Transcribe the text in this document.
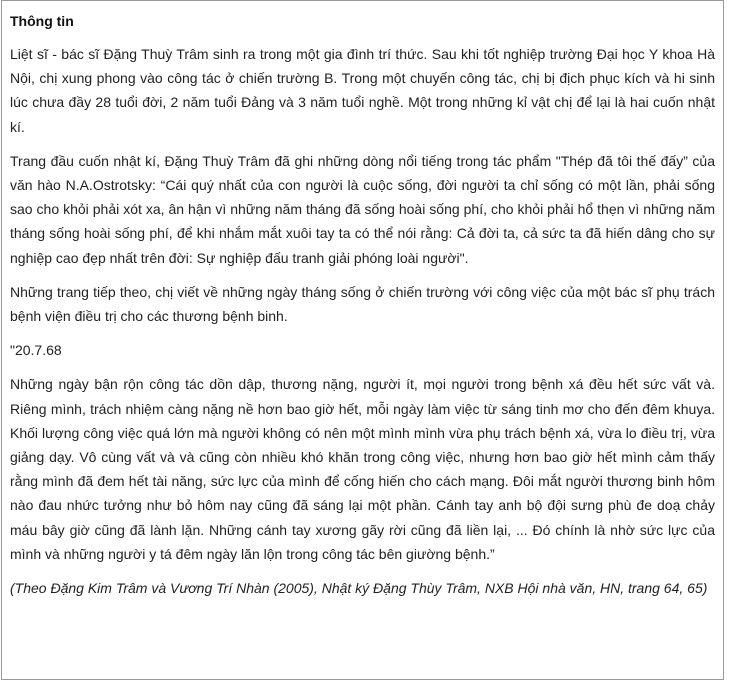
Thông tin

Liệt sĩ - bác sĩ Đặng Thuỳ Trâm sinh ra trong một gia đình trí thức. Sau khi tốt nghiệp trường Đại học Y khoa Hà Nội, chị xung phong vào công tác ở chiến trường B. Trong một chuyến công tác, chị bị địch phục kích và hi sinh lúc chưa đầy 28 tuổi đời, 2 năm tuổi Đảng và 3 năm tuổi nghề. Một trong những kỉ vật chị để lại là hai cuốn nhật kí.

Trang đầu cuốn nhật kí, Đặng Thuỳ Trâm đã ghi những dòng nổi tiếng trong tác phẩm "Thép đã tôi thế đấy” của văn hào N.A.Ostrotsky: “Cái quý nhất của con người là cuộc sống, đời người ta chỉ sống có một lần, phải sống sao cho khỏi phải xót xa, ân hận vì những năm tháng đã sống hoài sống phí, cho khỏi phải hổ thẹn vì những năm tháng sống hoài sống phí, để khi nhắm mắt xuôi tay ta có thể nói rằng: Cả đời ta, cả sức ta đã hiến dâng cho sự nghiệp cao đẹp nhất trên đời: Sự nghiệp đấu tranh giải phóng loài người".

Những trang tiếp theo, chị viết về những ngày tháng sống ở chiến trường với công việc của một bác sĩ phụ trách bệnh viện điều trị cho các thương bệnh binh.

"20.7.68

Những ngày bận rộn công tác dồn dập, thương nặng, người ít, mọi người trong bệnh xá đều hết sức vất và. Riêng mình, trách nhiệm càng nặng nề hơn bao giờ hết, mỗi ngày làm việc từ sáng tinh mơ cho đến đêm khuya. Khối lượng công việc quá lớn mà người không có nên một mình mình vừa phụ trách bệnh xá, vừa lo điều trị, vừa giảng dạy. Vô cùng vất và và cũng còn nhiều khó khăn trong công việc, nhưng hơn bao giờ hết mình cảm thấy rằng mình đã đem hết tài năng, sức lực của mình để cống hiến cho cách mạng. Đôi mắt người thương binh hôm nào đau nhức tưởng như bỏ hôm nay cũng đã sáng lại một phần. Cánh tay anh bộ đội sưng phù đe doạ chảy máu bây giờ cũng đã lành lặn. Những cánh tay xương gãy rời cũng đã liền lại, ... Đó chính là nhờ sức lực của mình và những người y tá đêm ngày lăn lộn trong công tác bên giường bệnh.”

(Theo Đặng Kim Trâm và Vương Trí Nhàn (2005), Nhật ký Đặng Thùy Trâm, NXB Hội nhà văn, HN, trang 64, 65)
